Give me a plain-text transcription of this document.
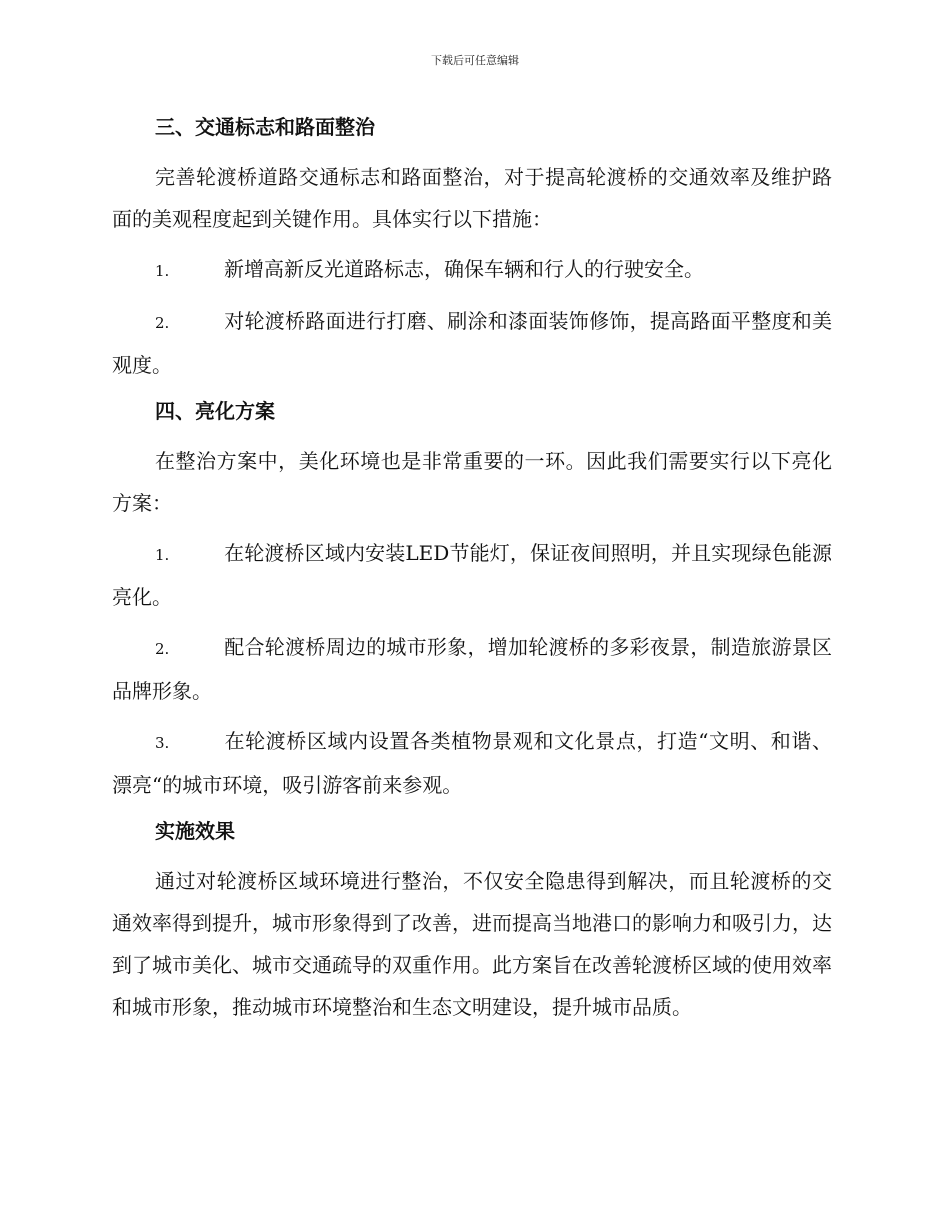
下载后可任意编辑
三、交通标志和路面整治

完善轮渡桥道路交通标志和路面整治，对于提高轮渡桥的交通效率及维护路面的美观程度起到关键作用。具体实行以下措施：

1.	新增高新反光道路标志，确保车辆和行人的行驶安全。

2.	对轮渡桥路面进行打磨、刷涂和漆面装饰修饰，提高路面平整度和美观度。

四、亮化方案

在整治方案中，美化环境也是非常重要的一环。因此我们需要实行以下亮化方案：

1.	在轮渡桥区域内安装LED节能灯，保证夜间照明，并且实现绿色能源亮化。

2.	配合轮渡桥周边的城市形象，增加轮渡桥的多彩夜景，制造旅游景区品牌形象。

3.	在轮渡桥区域内设置各类植物景观和文化景点，打造“文明、和谐、漂亮“的城市环境，吸引游客前来参观。

实施效果

通过对轮渡桥区域环境进行整治，不仅安全隐患得到解决，而且轮渡桥的交通效率得到提升，城市形象得到了改善，进而提高当地港口的影响力和吸引力，达到了城市美化、城市交通疏导的双重作用。此方案旨在改善轮渡桥区域的使用效率和城市形象，推动城市环境整治和生态文明建设，提升城市品质。
